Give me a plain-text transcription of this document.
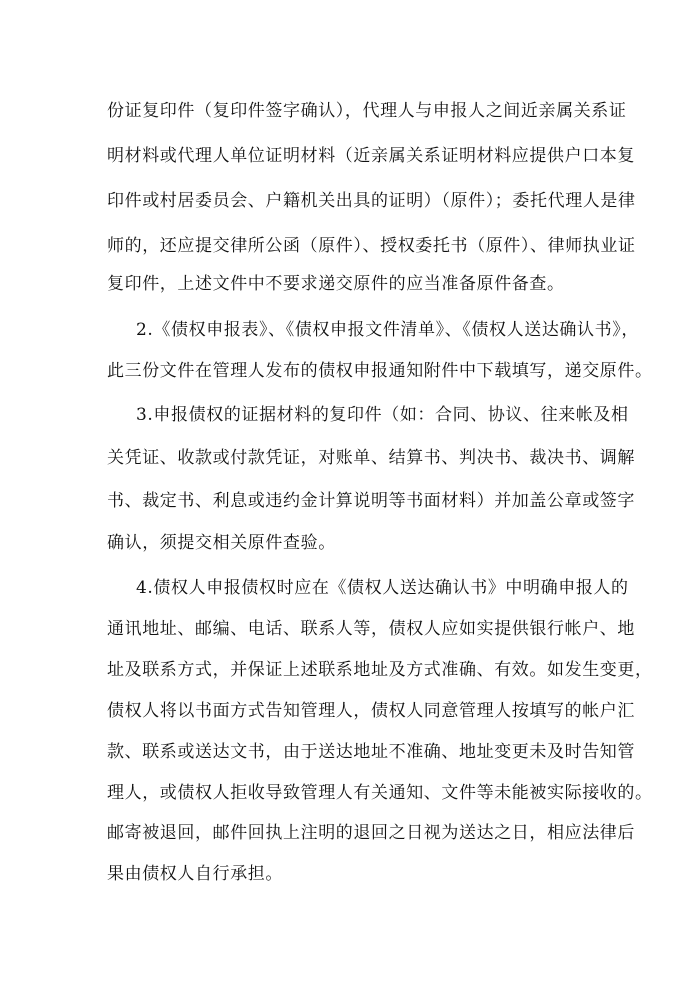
份证复印件（复印件签字确认），代理人与申报人之间近亲属关系证
明材料或代理人单位证明材料（近亲属关系证明材料应提供户口本复
印件或村居委员会、户籍机关出具的证明）（原件）；委托代理人是律
师的，还应提交律所公函（原件）、授权委托书（原件）、律师执业证
复印件，上述文件中不要求递交原件的应当准备原件备查。
2.《债权申报表》、《债权申报文件清单》、《债权人送达确认书》，
此三份文件在管理人发布的债权申报通知附件中下载填写，递交原件。
3.申报债权的证据材料的复印件（如：合同、协议、往来帐及相
关凭证、收款或付款凭证，对账单、结算书、判决书、裁决书、调解
书、裁定书、利息或违约金计算说明等书面材料）并加盖公章或签字
确认，须提交相关原件查验。
4.债权人申报债权时应在《债权人送达确认书》中明确申报人的
通讯地址、邮编、电话、联系人等，债权人应如实提供银行帐户、地
址及联系方式，并保证上述联系地址及方式准确、有效。如发生变更，
债权人将以书面方式告知管理人，债权人同意管理人按填写的帐户汇
款、联系或送达文书，由于送达地址不准确、地址变更未及时告知管
理人，或债权人拒收导致管理人有关通知、文件等未能被实际接收的。
邮寄被退回，邮件回执上注明的退回之日视为送达之日，相应法律后
果由债权人自行承担。
